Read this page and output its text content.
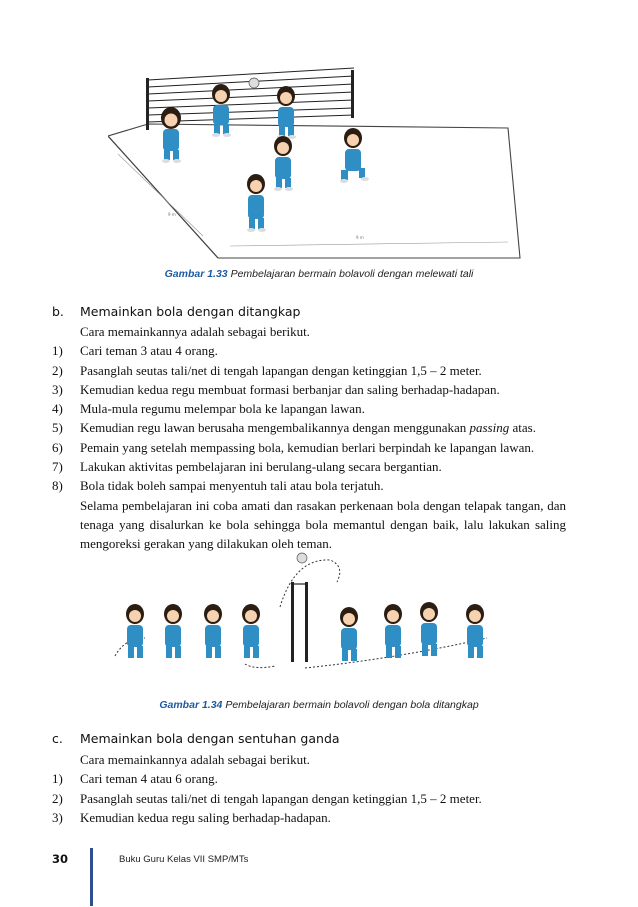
9 m
9 m
Gambar 1.33 Pembelajaran bermain bolavoli dengan melewati tali
b. Memainkan bola dengan ditangkap
Cara memainkannya adalah sebagai berikut.
1)	Cari teman 3 atau 4 orang.
2)	Pasanglah seutas tali/net di tengah lapangan dengan ketinggian 1,5 – 2 meter.
3)	Kemudian kedua regu membuat formasi berbanjar dan saling berhadap-hadapan.
4)	Mula-mula regumu melempar bola ke lapangan lawan.
5)	Kemudian regu lawan berusaha mengembalikannya dengan menggunakan passing atas.
6)	Pemain yang setelah mempassing bola, kemudian berlari berpindah ke lapangan lawan.
7)	Lakukan aktivitas pembelajaran ini berulang-ulang secara bergantian.
8)	Bola tidak boleh sampai menyentuh tali atau bola terjatuh.
Selama pembelajaran ini coba amati dan rasakan perkenaan bola dengan telapak tangan, dan tenaga yang disalurkan ke bola sehingga bola memantul dengan baik, lalu lakukan saling mengoreksi gerakan yang dilakukan oleh teman.
Gambar 1.34 Pembelajaran bermain bolavoli dengan bola ditangkap
c. Memainkan bola dengan sentuhan ganda
Cara memainkannya adalah sebagai berikut.
1)	Cari teman 4 atau 6 orang.
2)	Pasanglah seutas tali/net di tengah lapangan dengan ketinggian 1,5 – 2 meter.
3)	Kemudian kedua regu saling berhadap-hadapan.
30	Buku Guru Kelas VII SMP/MTs
